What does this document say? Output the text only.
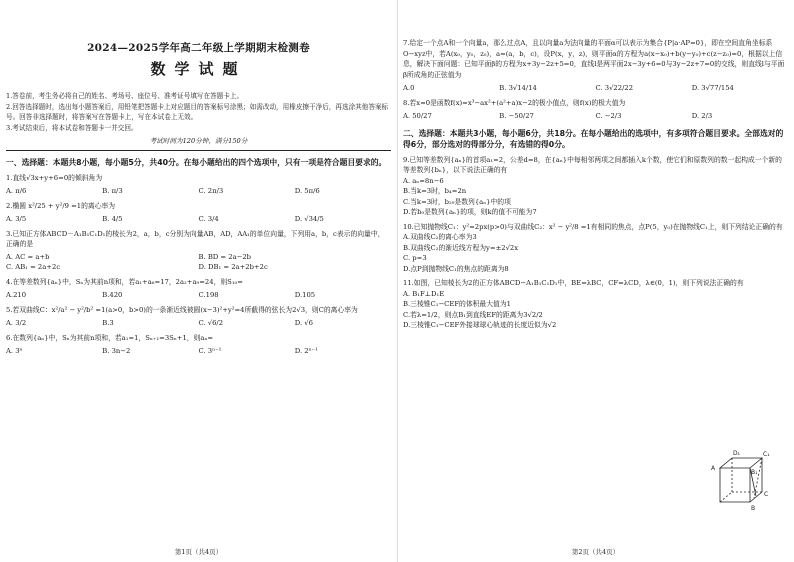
2024—2025学年高二年级上学期期末检测卷
数学试题
1.答卷前，考生务必将自己的姓名、考场号、座位号、准考证号填写在答题卡上。
2.回答选择题时，选出每小题答案后，用铅笔把答题卡上对应题目的答案标号涂黑；如需改动，用橡皮擦干净后，再选涂其他答案标号。回答非选择题时，将答案写在答题卡上，写在本试卷上无效。
3.考试结束后，将本试卷和答题卡一并交回。
考试时间为120分钟，满分150分
一、选择题：本题共8小题，每小题5分，共40分。在每小题给出的四个选项中，只有一项是符合题目要求的。
1.直线√3x+y+6=0的倾斜角为
A. π/6	B. π/3	C. 2π/3	D. 5π/6
2.椭圆 x²/25 + y²/9 =1的离心率为
A. 3/5	B. 4/5	C. 3/4	D. √34/5
3.已知正方体ABCD－A₁B₁C₁D₁的棱长为2，a，b，c分别为向量AB，AD，AA₁的单位向量，下列用a，b，c表示的向量中，正确的是
A. AC = a+b	B. BD = 2a−2b
C. AB₁ = 2a+2c	D. DB₁ = 2a+2b+2c
4.在等差数列{aₙ}中，Sₙ为其前n项和，若a₁+a₆=17，2a₂+a₉=24，则S₁₀=
A.210	B.420	C.198	D.105
5.若双曲线C：x²/a² − y²/b² =1(a>0，b>0)的一条渐近线被圆(x−3)²+y²=4所截得的弦长为2√3，则C的离心率为
A. 3/2	B.3	C. √6/2	D. √6
6.在数列{aₙ}中，Sₙ为其前n项和，若a₁=1，Sₙ₊₁=3Sₙ+1，则aₙ=
A. 3ⁿ	B. 3n−2	C. 3ⁿ⁻¹	D. 2ⁿ⁻¹
第1页（共4页）
7.给定一个点A和一个向量a，那么过点A，且以向量a为法向量的平面α可以表示为集合{P|a·AP=0}，即在空间直角坐标系O−xyz中，若A(x₀，y₀，z₀)，a=(a，b，c)，设P(x，y，z)，则平面α的方程为a(x−x₀)+b(y−y₀)+c(z−z₀)=0，根据以上信息，解决下面问题：已知平面β的方程为x+3y−2z+5=0，直线l是两平面2x−3y+6=0与3y−2z+7=0的交线，则直线l与平面β所成角的正弦值为
A.0	B. 3√14/14	C. 3√22/22	D. 3√77/154
8.若x=0是函数f(x)=x³−ax²+(a²+a)x−2的极小值点，则f(x)的极大值为
A. 50/27	B. −50/27	C. −2/3	D. 2/3
二、选择题：本题共3小题，每小题6分，共18分。在每小题给出的选项中，有多项符合题目要求。全部选对的得6分，部分选对的得部分分，有选错的得0分。
9.已知等差数列{aₙ}的首项a₁=2，公差d=8，在{aₙ}中每相邻两项之间都插入k个数，使它们和原数列的数一起构成一个新的等差数列{bₙ}，以下说法正确的有
A. aₙ=8n−6
B.当k=3时，b₄=2n
C.当k=3时，b₂₉是数列{aₙ}中的项
D.若b₀是数列{aₙ}的项，则k的值不可能为7
10.已知抛物线C₁：y²=2px(p>0)与双曲线C₂：x² − y²/8 =1有相同的焦点，点P(5，y₀)在抛物线C₁上，则下列结论正确的有
A.双曲线C₂的离心率为3
B.双曲线C₂的渐近线方程为y=±2√2x
C. p=3
D.点P到抛物线C₁的焦点的距离为8
11.如图，已知棱长为2的正方体ABCD−A₁B₁C₁D₁中，BE=λBC，CF=λCD，λ∈(0，1)，则下列说法正确的有
A. B₁F⊥D₁E
B.三棱锥C₁−CEF的体积最大值为1
C.若λ=1/2，则点B₁到直线EF的距离为3√2/2
D.三棱锥C₁−CEF外接球球心轨迹的长度近似为√2
D₁	C₁
A
B₁
C
B
第2页（共4页）
